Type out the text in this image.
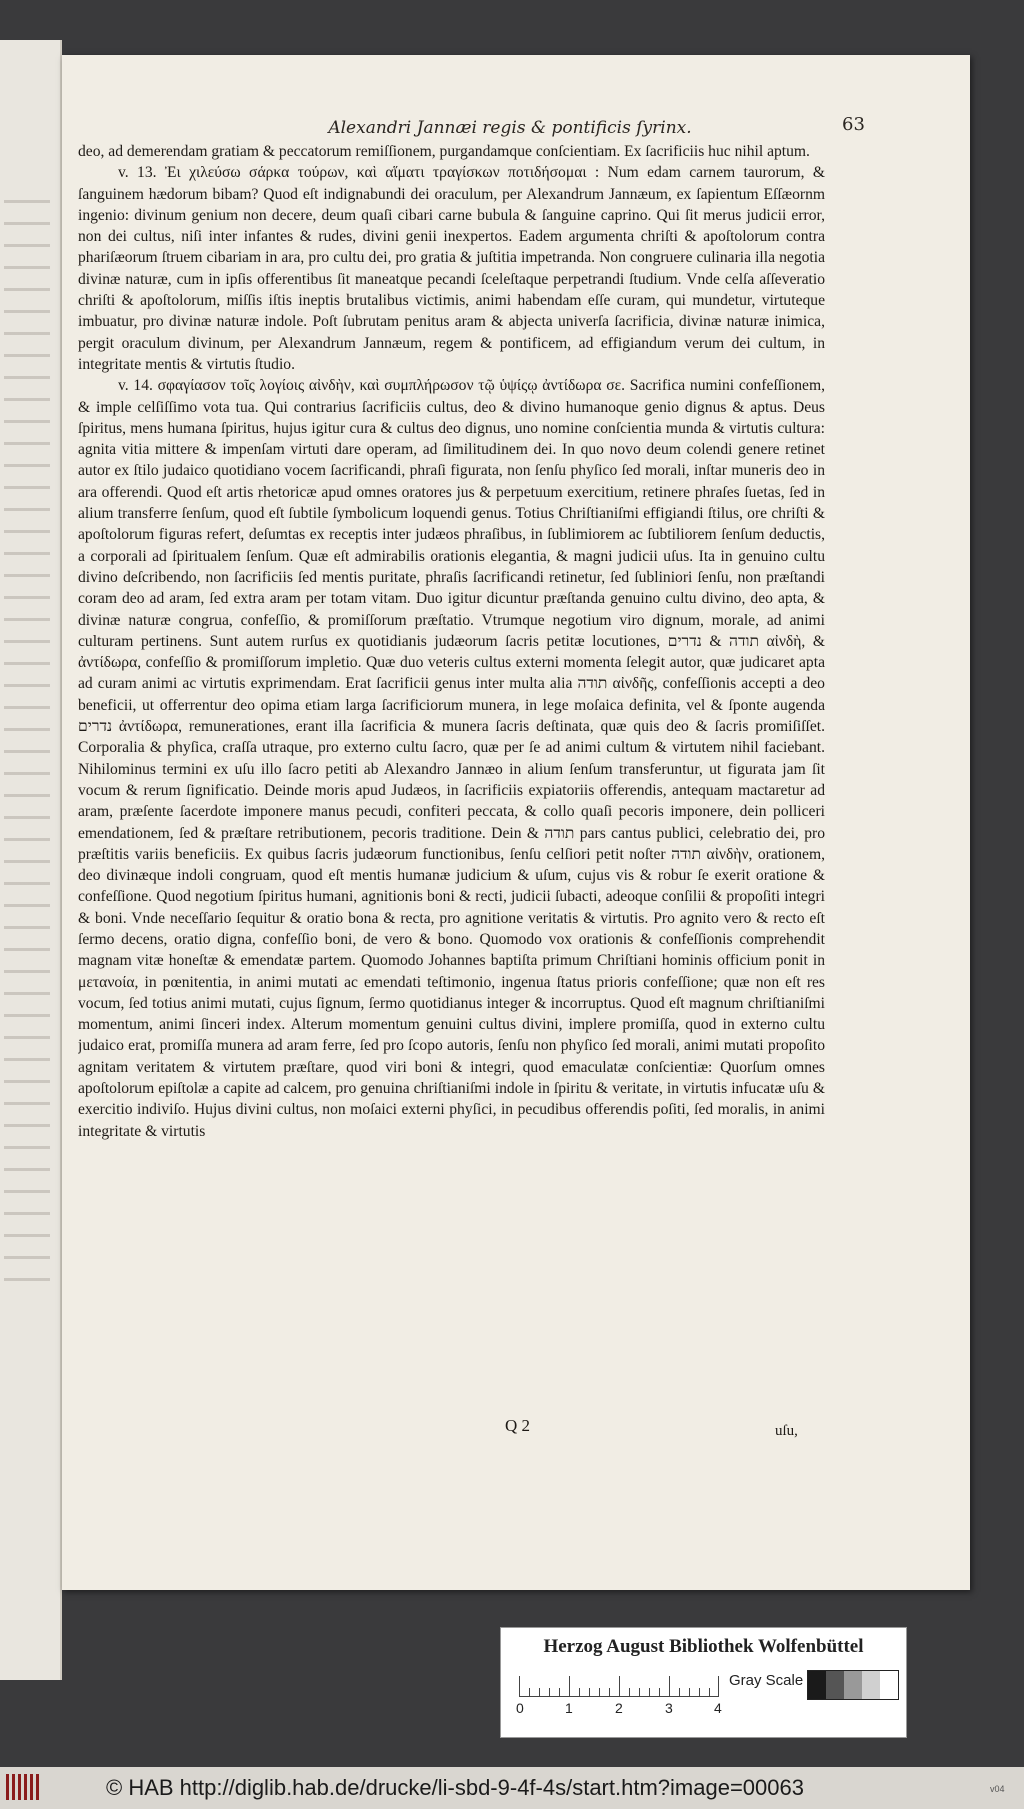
Alexandri Jannæi regis & pontificis ſyrinx.	63

deo, ad demerendam gratiam & peccatorum remiſſionem, purgandamque conſcientiam. Ex ſacrificiis huc nihil aptum.

v. 13. Ἐι χιλεύσω σάρκα τούρων, καὶ αἵματι τραγίσκων ποτιδήσομαι : Num edam carnem taurorum, & ſanguinem hædorum bibam? Quod eſt indignabundi dei oraculum, per Alexandrum Jannæum, ex ſapientum Eſſæornm ingenio: divinum genium non decere, deum quaſi cibari carne bubula & ſanguine caprino. Qui ſit merus judicii error, non dei cultus, niſi inter infantes & rudes, divini genii inexpertos. Eadem argumenta chriſti & apoſtolorum contra phariſæorum ſtruem cibariam in ara, pro cultu dei, pro gratia & juſtitia impetranda. Non congruere culinaria illa negotia divinæ naturæ, cum in ipſis offerentibus ſit maneatque pecandi ſceleſtaque perpetrandi ſtudium. Vnde celſa aſſeveratio chriſti & apoſtolorum, miſſis iſtis ineptis brutalibus victimis, animi habendam eſſe curam, qui mundetur, virtuteque imbuatur, pro divinæ naturæ indole. Poſt ſubrutam penitus aram & abjecta univerſa ſacrificia, divinæ naturæ inimica, pergit oraculum divinum, per Alexandrum Jannæum, regem & pontificem, ad effigiandum verum dei cultum, in integritate mentis & virtutis ſtudio.

v. 14. σφαγίασον τοῖς λογίοις αἰνδὴν, καὶ συμπλήρωσον τῷ ὑψίςῳ ἀντίδωρα σε. Sacrifica numini confeſſionem, & imple celſiſſimo vota tua. Qui contrarius ſacrificiis cultus, deo & divino humanoque genio dignus & aptus. Deus ſpiritus, mens humana ſpiritus, hujus igitur cura & cultus deo dignus, uno nomine conſcientia munda & virtutis cultura: agnita vitia mittere & impenſam virtuti dare operam, ad ſimilitudinem dei. In quo novo deum colendi genere retinet autor ex ſtilo judaico quotidiano vocem ſacrificandi, phraſi figurata, non ſenſu phyſico ſed morali, inſtar muneris deo in ara offerendi. Quod eſt artis rhetoricæ apud omnes oratores jus & perpetuum exercitium, retinere phraſes ſuetas, ſed in alium transferre ſenſum, quod eſt ſubtile ſymbolicum loquendi genus. Totius Chriſtianiſmi effigiandi ſtilus, ore chriſti & apoſtolorum figuras refert, deſumtas ex receptis inter judæos phraſibus, in ſublimiorem ac ſubtiliorem ſenſum deductis, a corporali ad ſpiritualem ſenſum. Quæ eſt admirabilis orationis elegantia, & magni judicii uſus. Ita in genuino cultu divino deſcribendo, non ſacrificiis ſed mentis puritate, phraſis ſacrificandi retinetur, ſed ſubliniori ſenſu, non præſtandi coram deo ad aram, ſed extra aram per totam vitam. Duo igitur dicuntur præſtanda genuino cultu divino, deo apta, & divinæ naturæ congrua, confeſſio, & promiſſorum præſtatio. Vtrumque negotium viro dignum, morale, ad animi culturam pertinens. Sunt autem rurſus ex quotidianis judæorum ſacris petitæ locutiones, תודה & נדרים αἰνδὴ, & ἀντίδωρα, confeſſio & promiſſorum impletio. Quæ duo veteris cultus externi momenta ſelegit autor, quæ judicaret apta ad curam animi ac virtutis exprimendam. Erat ſacrificii genus inter multa alia תודה αἰνδῆς, confeſſionis accepti a deo beneficii, ut offerrentur deo opima etiam larga ſacrificiorum munera, in lege moſaica definita, vel & ſponte augenda נדרים ἀντίδωρα, remunerationes, erant illa ſacrificia & munera ſacris deſtinata, quæ quis deo & ſacris promiſiſſet. Corporalia & phyſica, craſſa utraque, pro externo cultu ſacro, quæ per ſe ad animi cultum & virtutem nihil faciebant. Nihilominus termini ex uſu illo ſacro petiti ab Alexandro Jannæo in alium ſenſum transferuntur, ut figurata jam ſit vocum & rerum ſignificatio. Deinde moris apud Judæos, in ſacrificiis expiatoriis offerendis, antequam mactaretur ad aram, præſente ſacerdote imponere manus pecudi, confiteri peccata, & collo quaſi pecoris imponere, dein polliceri emendationem, ſed & præſtare retributionem, pecoris traditione. Dein & תודה pars cantus publici, celebratio dei, pro præſtitis variis beneficiis. Ex quibus ſacris judæorum functionibus, ſenſu celſiori petit noſter תודה αἰνδὴν, orationem, deo divinæque indoli congruam, quod eſt mentis humanæ judicium & uſum, cujus vis & robur ſe exerit oratione & confeſſione. Quod negotium ſpiritus humani, agnitionis boni & recti, judicii ſubacti, adeoque conſilii & propoſiti integri & boni. Vnde neceſſario ſequitur & oratio bona & recta, pro agnitione veritatis & virtutis. Pro agnito vero & recto eſt ſermo decens, oratio digna, confeſſio boni, de vero & bono. Quomodo vox orationis & confeſſionis comprehendit magnam vitæ honeſtæ & emendatæ partem. Quomodo Johannes baptiſta primum Chriſtiani hominis officium ponit in μετανοία, in pœnitentia, in animi mutati ac emendati teſtimonio, ingenua ſtatus prioris confeſſione; quæ non eſt res vocum, ſed totius animi mutati, cujus ſignum, ſermo quotidianus integer & incorruptus. Quod eſt magnum chriſtianiſmi momentum, animi ſinceri index. Alterum momentum genuini cultus divini, implere promiſſa, quod in externo cultu judaico erat, promiſſa munera ad aram ferre, ſed pro ſcopo autoris, ſenſu non phyſico ſed morali, animi mutati propoſito agnitam veritatem & virtutem præſtare, quod viri boni & integri, quod emaculatæ conſcientiæ: Quorſum omnes apoſtolorum epiſtolæ a capite ad calcem, pro genuina chriſtianiſmi indole in ſpiritu & veritate, in virtutis infucatæ uſu & exercitio indiviſo. Hujus divini cultus, non moſaici externi phyſici, in pecudibus offerendis poſiti, ſed moralis, in animi integritate & virtutis

Q 2	uſu,
Herzog August Bibliothek Wolfenbüttel
0	1	2	3	4
Gray Scale
© HAB http://diglib.hab.de/drucke/li-sbd-9-4f-4s/start.htm?image=00063	v04
